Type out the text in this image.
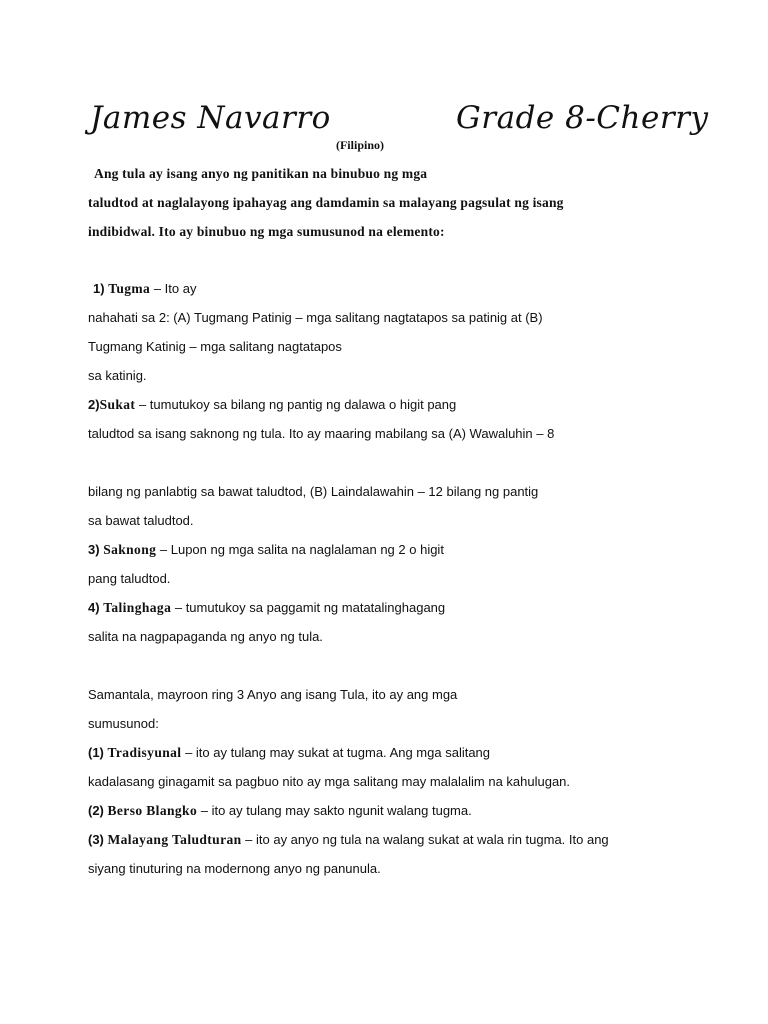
James Navarro	Grade 8-Cherry
(Filipino)
Ang tula ay isang anyo ng panitikan na binubuo ng mga
taludtod at naglalayong ipahayag ang damdamin sa malayang pagsulat ng isang
indibidwal. Ito ay binubuo ng mga sumusunod na elemento:
1) Tugma – Ito ay
nahahati sa 2: (A) Tugmang Patinig – mga salitang nagtatapos sa patinig at (B)
Tugmang Katinig – mga salitang nagtatapos
sa katinig.
2)Sukat – tumutukoy sa bilang ng pantig ng dalawa o higit pang
taludtod sa isang saknong ng tula. Ito ay maaring mabilang sa (A) Wawaluhin – 8
bilang ng panlabtig sa bawat taludtod, (B) Laindalawahin – 12 bilang ng pantig
sa bawat taludtod.
3) Saknong – Lupon ng mga salita na naglalaman ng 2 o higit
pang taludtod.
4) Talinghaga – tumutukoy sa paggamit ng matatalinghagang
salita na nagpapaganda ng anyo ng tula.
Samantala, mayroon ring 3 Anyo ang isang Tula, ito ay ang mga
sumusunod:
(1) Tradisyunal – ito ay tulang may sukat at tugma. Ang mga salitang
kadalasang ginagamit sa pagbuo nito ay mga salitang may malalalim na kahulugan.
(2) Berso Blangko – ito ay tulang may sakto ngunit walang tugma.
(3) Malayang Taludturan – ito ay anyo ng tula na walang sukat at wala rin tugma. Ito ang
siyang tinuturing na modernong anyo ng panunula.
